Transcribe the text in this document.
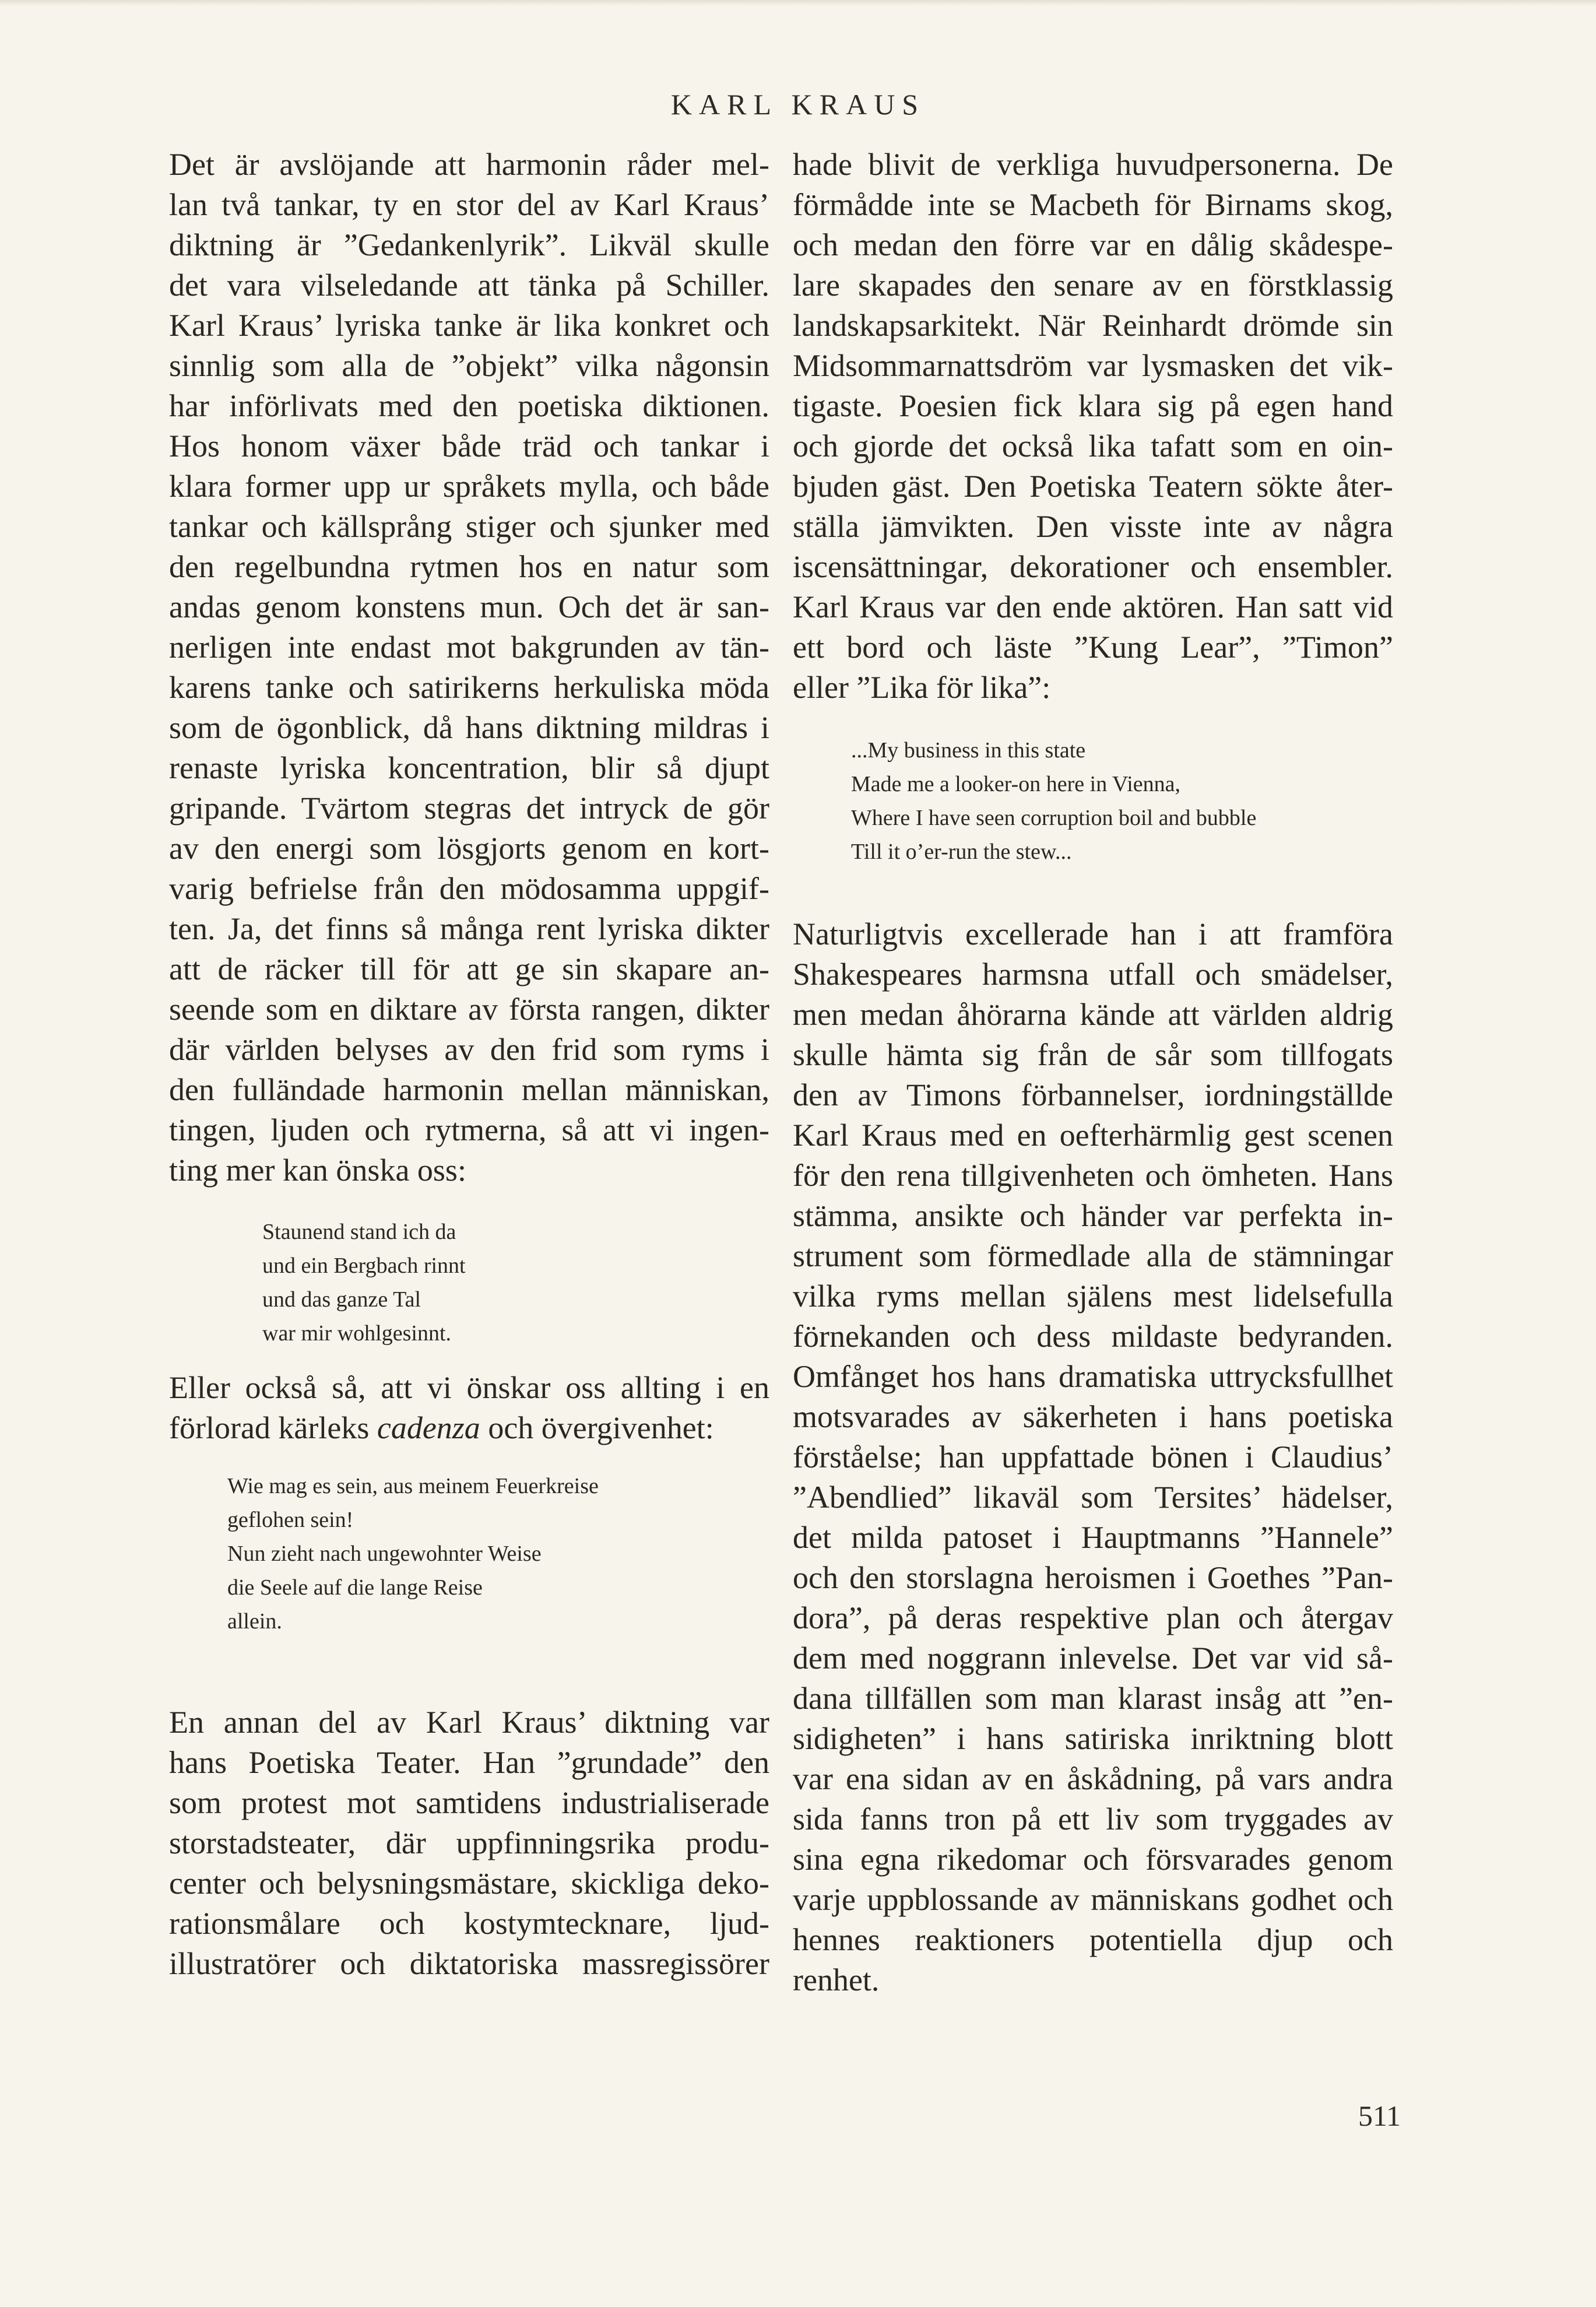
KARL KRAUS
Det är avslöjande att harmonin råder mel-
lan två tankar, ty en stor del av Karl Kraus’
diktning är ”Gedankenlyrik”. Likväl skulle
det vara vilseledande att tänka på Schiller.
Karl Kraus’ lyriska tanke är lika konkret och
sinnlig som alla de ”objekt” vilka någonsin
har införlivats med den poetiska diktionen.
Hos honom växer både träd och tankar i
klara former upp ur språkets mylla, och både
tankar och källsprång stiger och sjunker med
den regelbundna rytmen hos en natur som
andas genom konstens mun. Och det är san-
nerligen inte endast mot bakgrunden av tän-
karens tanke och satirikerns herkuliska möda
som de ögonblick, då hans diktning mildras i
renaste lyriska koncentration, blir så djupt
gripande. Tvärtom stegras det intryck de gör
av den energi som lösgjorts genom en kort-
varig befrielse från den mödosamma uppgif-
ten. Ja, det finns så många rent lyriska dikter
att de räcker till för att ge sin skapare an-
seende som en diktare av första rangen, dikter
där världen belyses av den frid som ryms i
den fulländade harmonin mellan människan,
tingen, ljuden och rytmerna, så att vi ingen-
ting mer kan önska oss:
Staunend stand ich da
und ein Bergbach rinnt
und das ganze Tal
war mir wohlgesinnt.
Eller också så, att vi önskar oss allting i en
förlorad kärleks cadenza och övergivenhet:
Wie mag es sein, aus meinem Feuerkreise
geflohen sein!
Nun zieht nach ungewohnter Weise
die Seele auf die lange Reise
allein.
En annan del av Karl Kraus’ diktning var
hans Poetiska Teater. Han ”grundade” den
som protest mot samtidens industrialiserade
storstadsteater, där uppfinningsrika produ-
center och belysningsmästare, skickliga deko-
rationsmålare och kostymtecknare, ljud-
illustratörer och diktatoriska massregissörer
hade blivit de verkliga huvudpersonerna. De
förmådde inte se Macbeth för Birnams skog,
och medan den förre var en dålig skådespe-
lare skapades den senare av en förstklassig
landskapsarkitekt. När Reinhardt drömde sin
Midsommarnattsdröm var lysmasken det vik-
tigaste. Poesien fick klara sig på egen hand
och gjorde det också lika tafatt som en oin-
bjuden gäst. Den Poetiska Teatern sökte åter-
ställa jämvikten. Den visste inte av några
iscensättningar, dekorationer och ensembler.
Karl Kraus var den ende aktören. Han satt vid
ett bord och läste ”Kung Lear”, ”Timon”
eller ”Lika för lika”:
...My business in this state
Made me a looker-on here in Vienna,
Where I have seen corruption boil and bubble
Till it o’er-run the stew...
Naturligtvis excellerade han i att framföra
Shakespeares harmsna utfall och smädelser,
men medan åhörarna kände att världen aldrig
skulle hämta sig från de sår som tillfogats
den av Timons förbannelser, iordningställde
Karl Kraus med en oefterhärmlig gest scenen
för den rena tillgivenheten och ömheten. Hans
stämma, ansikte och händer var perfekta in-
strument som förmedlade alla de stämningar
vilka ryms mellan själens mest lidelsefulla
förnekanden och dess mildaste bedyranden.
Omfånget hos hans dramatiska uttrycksfullhet
motsvarades av säkerheten i hans poetiska
förståelse; han uppfattade bönen i Claudius’
”Abendlied” likaväl som Tersites’ hädelser,
det milda patoset i Hauptmanns ”Hannele”
och den storslagna heroismen i Goethes ”Pan-
dora”, på deras respektive plan och återgav
dem med noggrann inlevelse. Det var vid så-
dana tillfällen som man klarast insåg att ”en-
sidigheten” i hans satiriska inriktning blott
var ena sidan av en åskådning, på vars andra
sida fanns tron på ett liv som tryggades av
sina egna rikedomar och försvarades genom
varje uppblossande av människans godhet och
hennes reaktioners potentiella djup och
renhet.
511
